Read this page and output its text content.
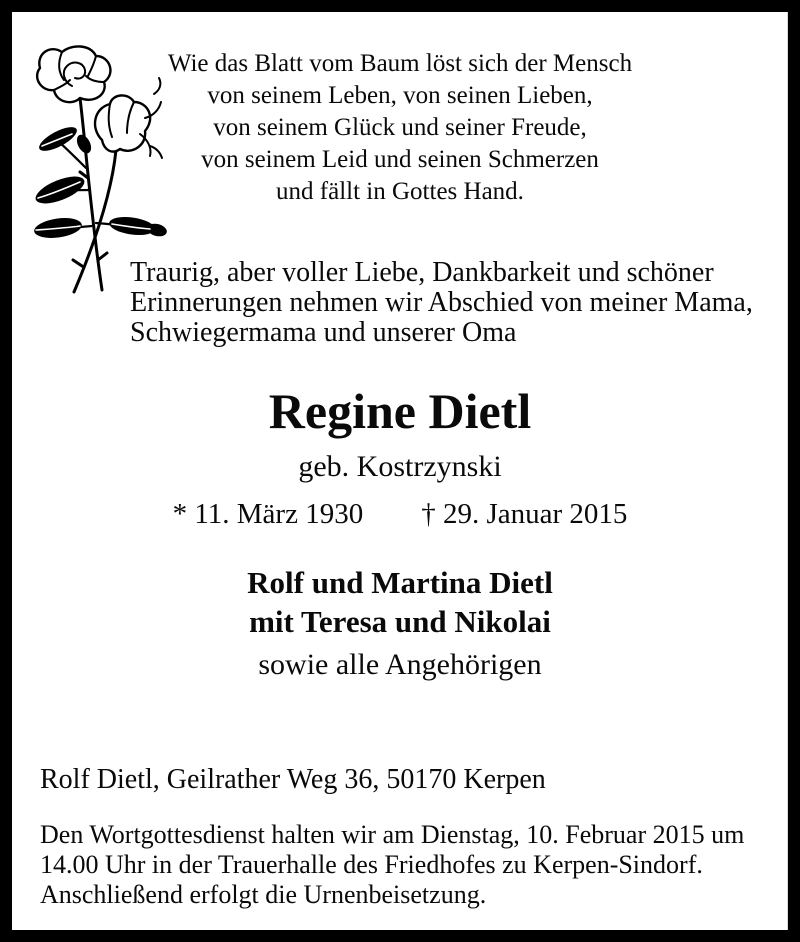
Wie das Blatt vom Baum löst sich der Mensch
von seinem Leben, von seinen Lieben,
von seinem Glück und seiner Freude,
von seinem Leid und seinen Schmerzen
und fällt in Gottes Hand.
Traurig, aber voller Liebe, Dankbarkeit und schöner
Erinnerungen nehmen wir Abschied von meiner Mama,
Schwiegermama und unserer Oma
Regine Dietl
geb. Kostrzynski
* 11. März 1930 † 29. Januar 2015
Rolf und Martina Dietl
mit Teresa und Nikolai
sowie alle Angehörigen
Rolf Dietl, Geilrather Weg 36, 50170 Kerpen
Den Wortgottesdienst halten wir am Dienstag, 10. Februar 2015 um
14.00 Uhr in der Trauerhalle des Friedhofes zu Kerpen-Sindorf.
Anschließend erfolgt die Urnenbeisetzung.
